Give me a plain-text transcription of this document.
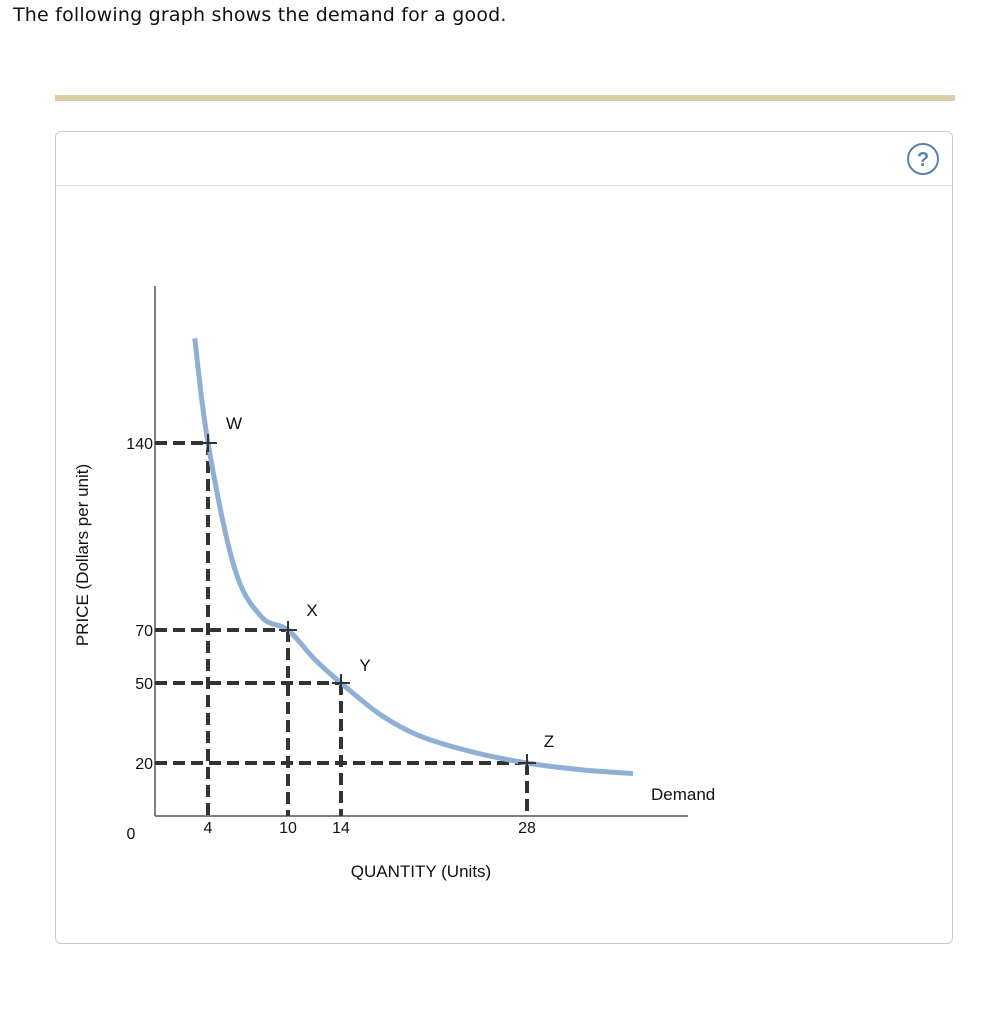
The following graph shows the demand for a good.
?
PRICE (Dollars per unit)
QUANTITY (Units)
0
Demand
W
X
Y
Z
140
70
50
20
4	10 14	28
